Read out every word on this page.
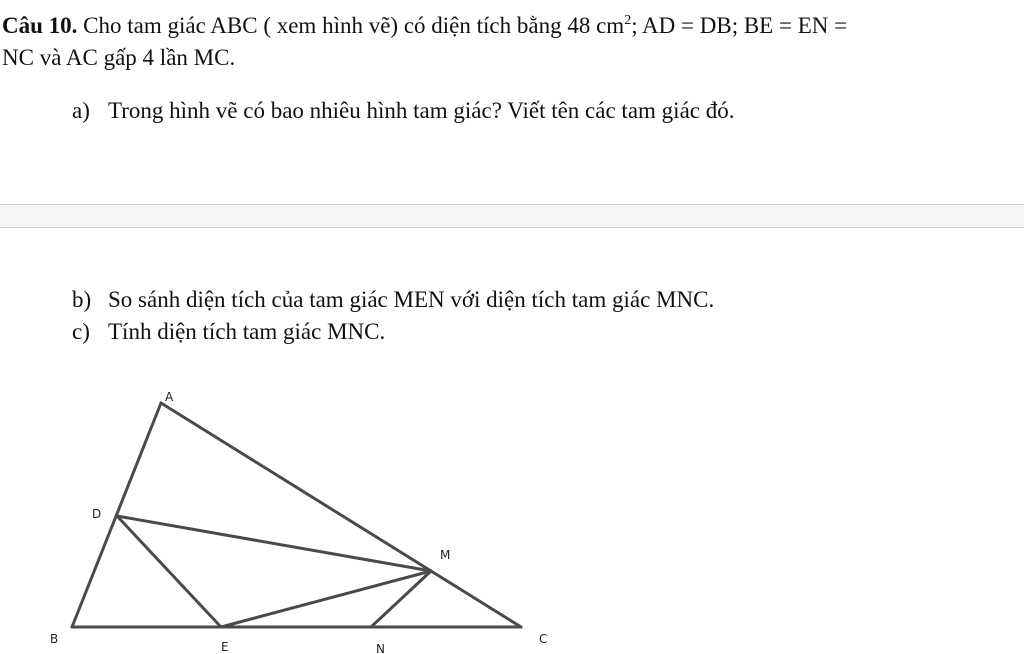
Câu 10. Cho tam giác ABC ( xem hình vẽ) có diện tích bằng 48 $cm^2$; AD = DB; BE = EN =
NC và AC gấp 4 lần MC.
a) Trong hình vẽ có bao nhiêu hình tam giác? Viết tên các tam giác đó.
b) So sánh diện tích của tam giác MEN với diện tích tam giác MNC.
c) Tính diện tích tam giác MNC.
A
D
M
B
E	N
C
